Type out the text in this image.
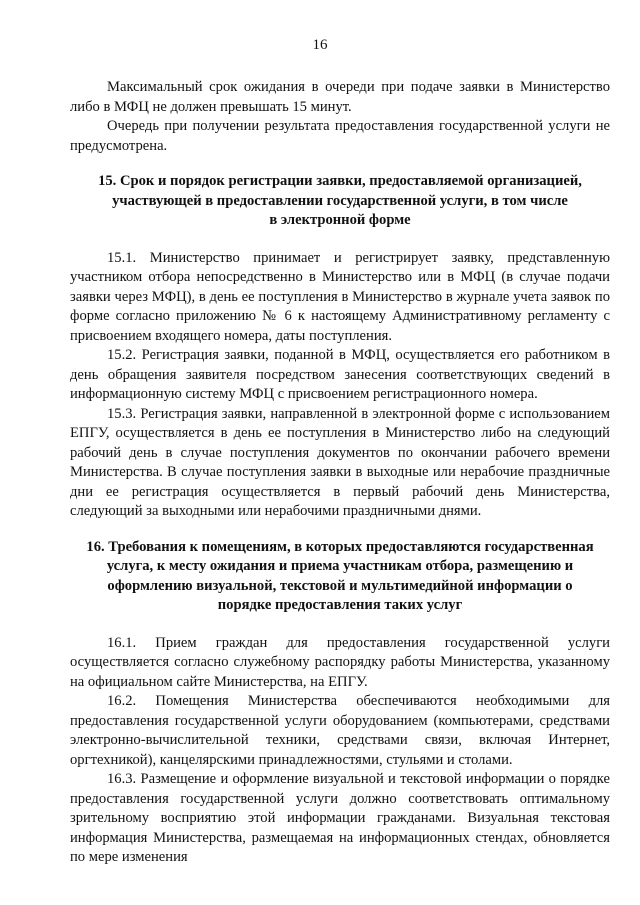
16

Максимальный срок ожидания в очереди при подаче заявки в Министерство либо в МФЦ не должен превышать 15 минут.

Очередь при получении результата предоставления государственной услуги не предусмотрена.

15. Срок и порядок регистрации заявки, предоставляемой организацией,
участвующей в предоставлении государственной услуги, в том числе
в электронной форме

15.1. Министерство принимает и регистрирует заявку, представленную участником отбора непосредственно в Министерство или в МФЦ (в случае подачи заявки через МФЦ), в день ее поступления в Министерство в журнале учета заявок по форме согласно приложению № 6 к настоящему Административному регламенту с присвоением входящего номера, даты поступления.

15.2. Регистрация заявки, поданной в МФЦ, осуществляется его работником в день обращения заявителя посредством занесения соответствующих сведений в информационную систему МФЦ с присвоением регистрационного номера.

15.3. Регистрация заявки, направленной в электронной форме с использованием ЕПГУ, осуществляется в день ее поступления в Министерство либо на следующий рабочий день в случае поступления документов по окончании рабочего времени Министерства. В случае поступления заявки в выходные или нерабочие праздничные дни ее регистрация осуществляется в первый рабочий день Министерства, следующий за выходными или нерабочими праздничными днями.

16. Требования к помещениям, в которых предоставляются государственная
услуга, к месту ожидания и приема участникам отбора, размещению и
оформлению визуальной, текстовой и мультимедийной информации о
порядке предоставления таких услуг

16.1. Прием граждан для предоставления государственной услуги осуществляется согласно служебному распорядку работы Министерства, указанному на официальном сайте Министерства, на ЕПГУ.

16.2. Помещения Министерства обеспечиваются необходимыми для предоставления государственной услуги оборудованием (компьютерами, средствами электронно-вычислительной техники, средствами связи, включая Интернет, оргтехникой), канцелярскими принадлежностями, стульями и столами.

16.3. Размещение и оформление визуальной и текстовой информации о порядке предоставления государственной услуги должно соответствовать оптимальному зрительному восприятию этой информации гражданами. Визуальная текстовая информация Министерства, размещаемая на информационных стендах, обновляется по мере изменения
